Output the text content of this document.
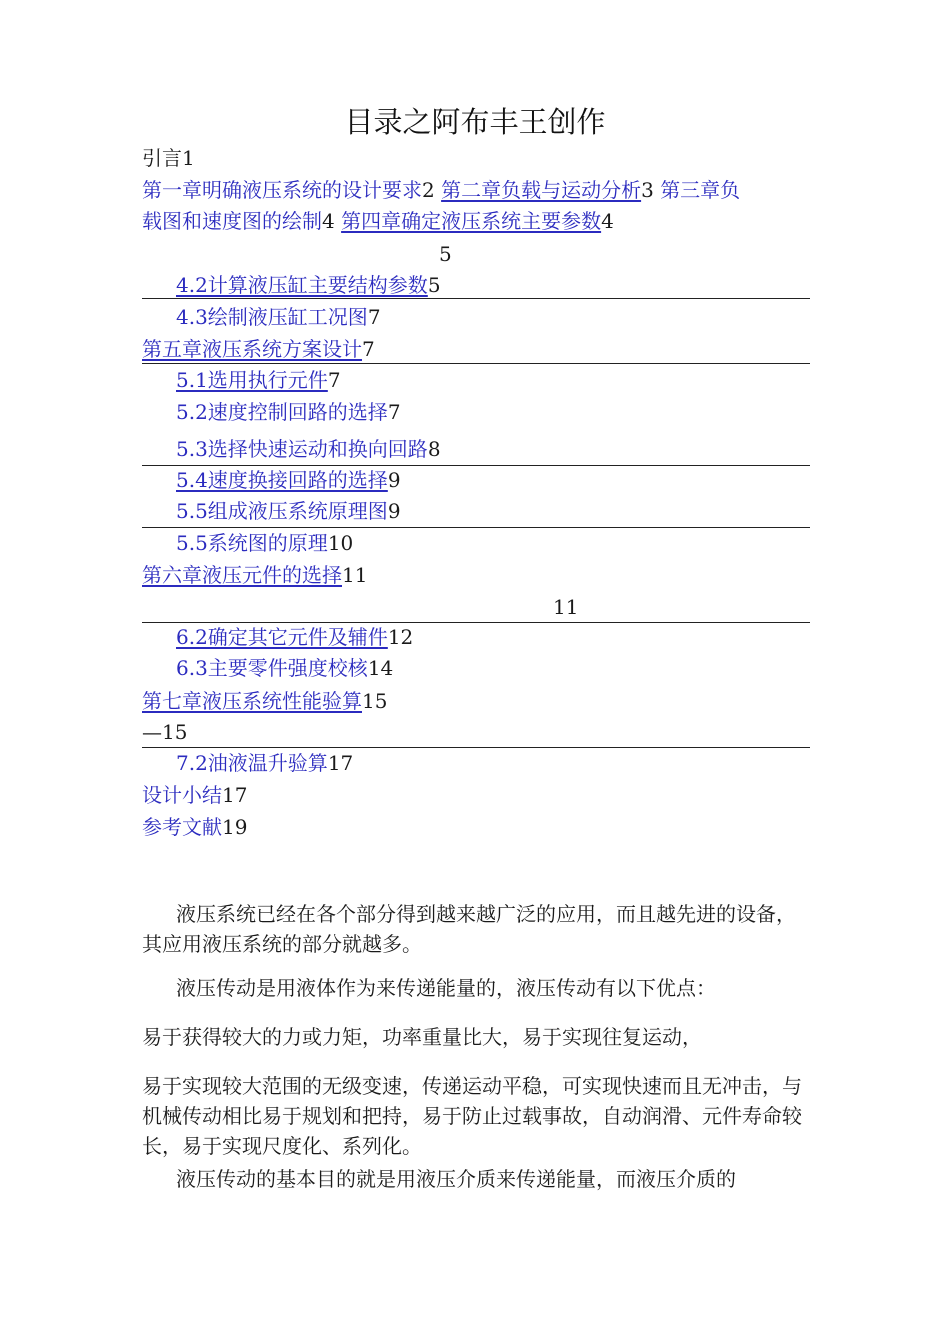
目录之阿布丰王创作
引言1
第一章明确液压系统的设计要求2 第二章负载与运动分析3 第三章负
载图和速度图的绘制4 第四章确定液压系统主要参数4
5
4.2计算液压缸主要结构参数5
4.3绘制液压缸工况图7
第五章液压系统方案设计7
5.1选用执行元件7
5.2速度控制回路的选择7
5.3选择快速运动和换向回路8
5.4速度换接回路的选择9
5.5组成液压系统原理图9
5.5系统图的原理10
第六章液压元件的选择11
11
6.2确定其它元件及辅件12
6.3主要零件强度校核14
第七章液压系统性能验算15
—15
7.2油液温升验算17
设计小结17
参考文献19
液压系统已经在各个部分得到越来越广泛的应用，而且越先进的设备，其应用液压系统的部分就越多。
液压传动是用液体作为来传递能量的，液压传动有以下优点：
易于获得较大的力或力矩，功率重量比大，易于实现往复运动，
易于实现较大范围的无级变速，传递运动平稳，可实现快速而且无冲击，与机械传动相比易于规划和把持，易于防止过载事故，自动润滑、元件寿命较长，易于实现尺度化、系列化。
液压传动的基本目的就是用液压介质来传递能量，而液压介质的
